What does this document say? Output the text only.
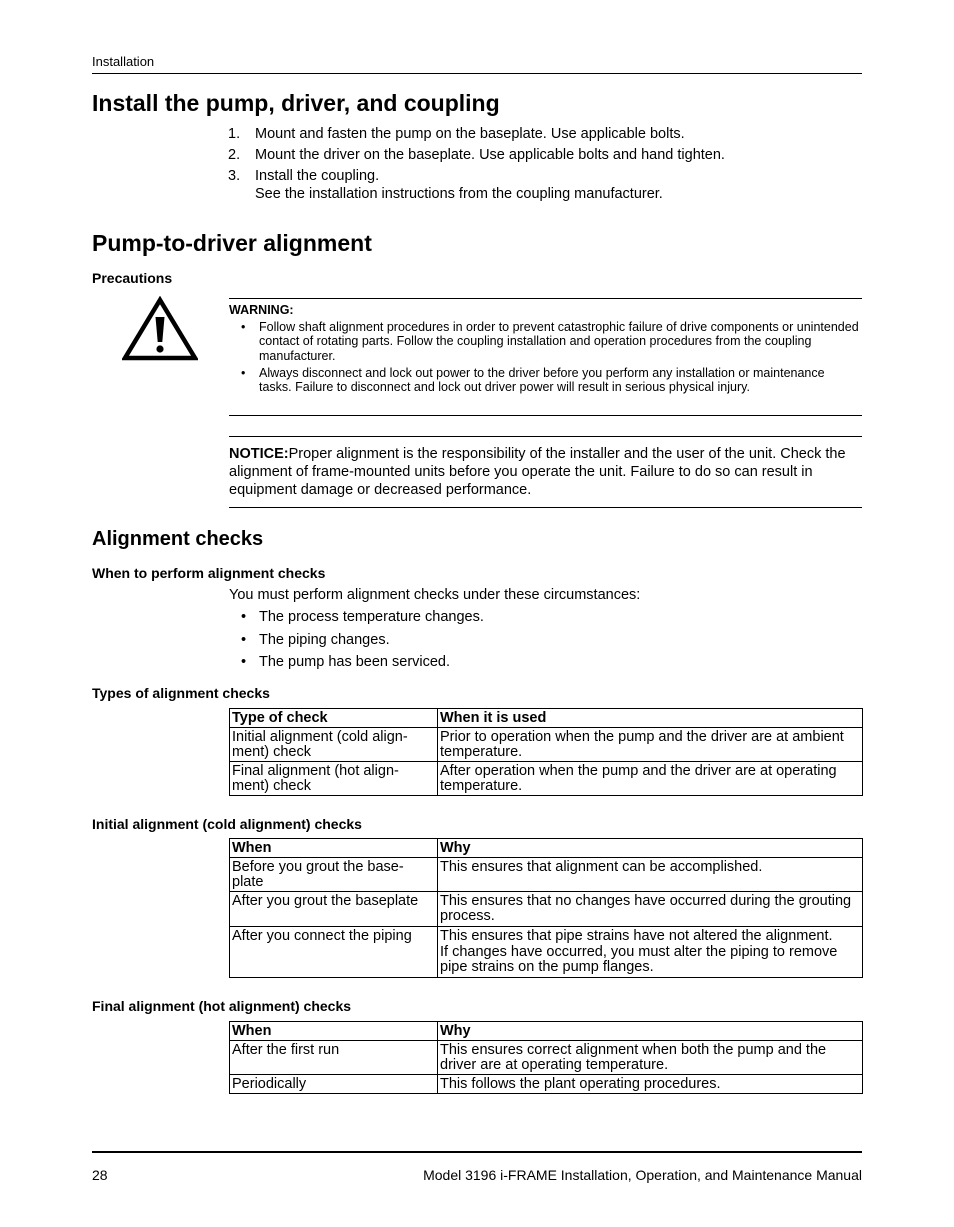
Installation
Install the pump, driver, and coupling
1. Mount and fasten the pump on the baseplate. Use applicable bolts.
2. Mount the driver on the baseplate. Use applicable bolts and hand tighten.
3. Install the coupling.
See the installation instructions from the coupling manufacturer.
Pump-to-driver alignment
Precautions
WARNING:
• Follow shaft alignment procedures in order to prevent catastrophic failure of drive components or unintended contact of rotating parts. Follow the coupling installation and operation procedures from the coupling manufacturer.
• Always disconnect and lock out power to the driver before you perform any installation or maintenance tasks. Failure to disconnect and lock out driver power will result in serious physical injury.
NOTICE:Proper alignment is the responsibility of the installer and the user of the unit. Check the alignment of frame-mounted units before you operate the unit. Failure to do so can result in equipment damage or decreased performance.
Alignment checks
When to perform alignment checks
You must perform alignment checks under these circumstances:
• The process temperature changes.
• The piping changes.
• The pump has been serviced.
Types of alignment checks
Type of check	When it is used
Initial alignment (cold align- ment) check	Prior to operation when the pump and the driver are at ambient temperature.
Final alignment (hot align- ment) check	After operation when the pump and the driver are at operating temperature.
Initial alignment (cold alignment) checks
When	Why
Before you grout the base- plate	This ensures that alignment can be accomplished.

After you grout the baseplate	This ensures that no changes have occurred during the grouting process.

After you connect the piping	This ensures that pipe strains have not altered the alignment.

If changes have occurred, you must alter the piping to remove pipe strains on the pump flanges.

Final alignment (hot alignment) checks
When	Why
After the first run	This ensures correct alignment when both the pump and the driver are at operating temperature.
Periodically	This follows the plant operating procedures.
28	Model 3196 i-FRAME Installation, Operation, and Maintenance Manual
